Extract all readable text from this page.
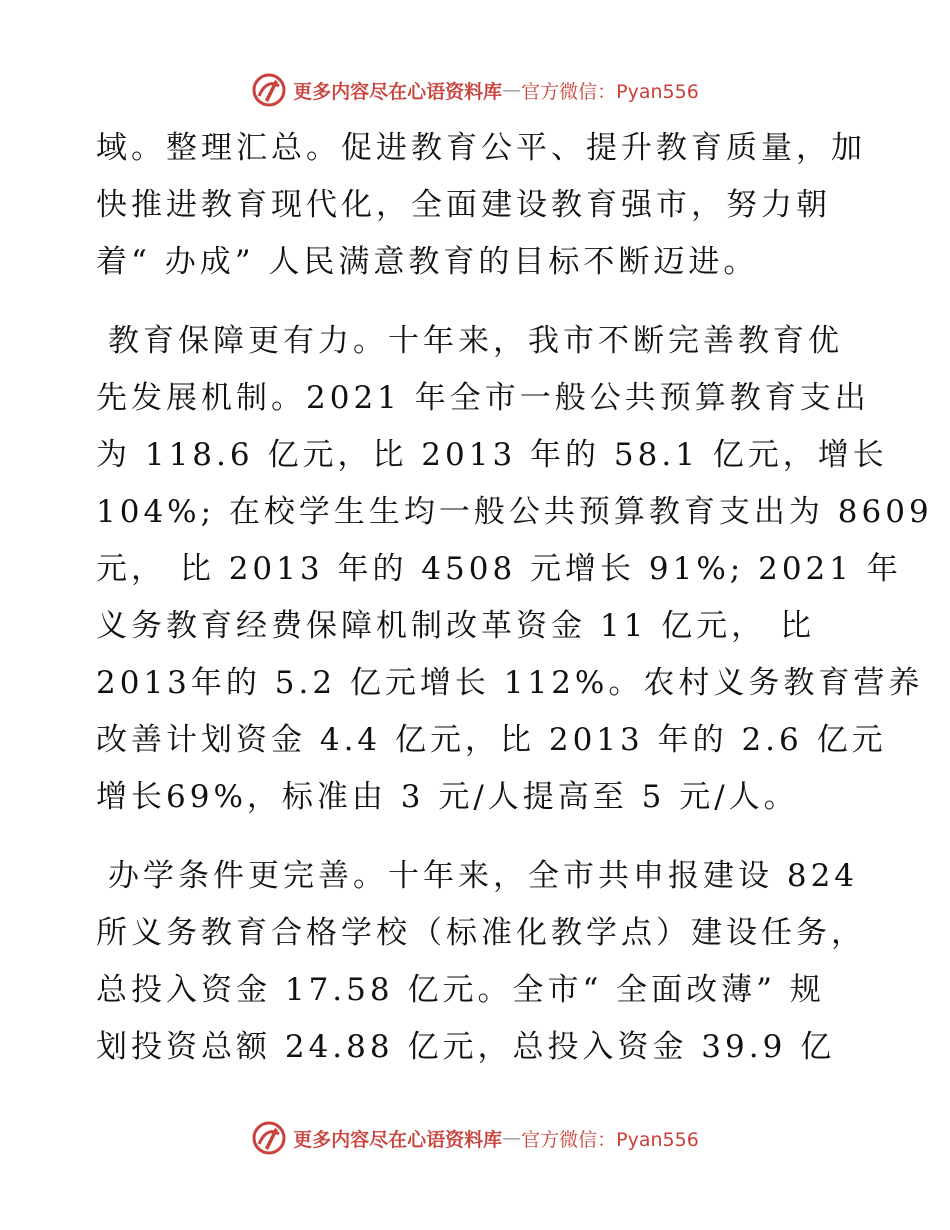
更多内容尽在心语资料库 — 官方微信：Pyan556
域。整理汇总。促进教育公平、提升教育质量，加
快推进教育现代化，全面建设教育强市，努力朝
着“ 办成” 人民满意教育的目标不断迈进。
教育保障更有力。十年来，我市不断完善教育优
先发展机制。2021 年全市一般公共预算教育支出
为 118.6 亿元，比 2013 年的 58.1 亿元，增长
104%; 在校学生生均一般公共预算教育支出为 8609
元， 比 2013 年的 4508 元增长 91%; 2021 年
义务教育经费保障机制改革资金 11 亿元， 比
2013年的 5.2 亿元增长 112%。农村义务教育营养
改善计划资金 4.4 亿元，比 2013 年的 2.6 亿元
增长69%，标准由 3 元/人提高至 5 元/人。
办学条件更完善。十年来，全市共申报建设 824
所义务教育合格学校（标准化教学点）建设任务，
总投入资金 17.58 亿元。全市“ 全面改薄” 规
划投资总额 24.88 亿元，总投入资金 39.9 亿
更多内容尽在心语资料库 — 官方微信：Pyan556
